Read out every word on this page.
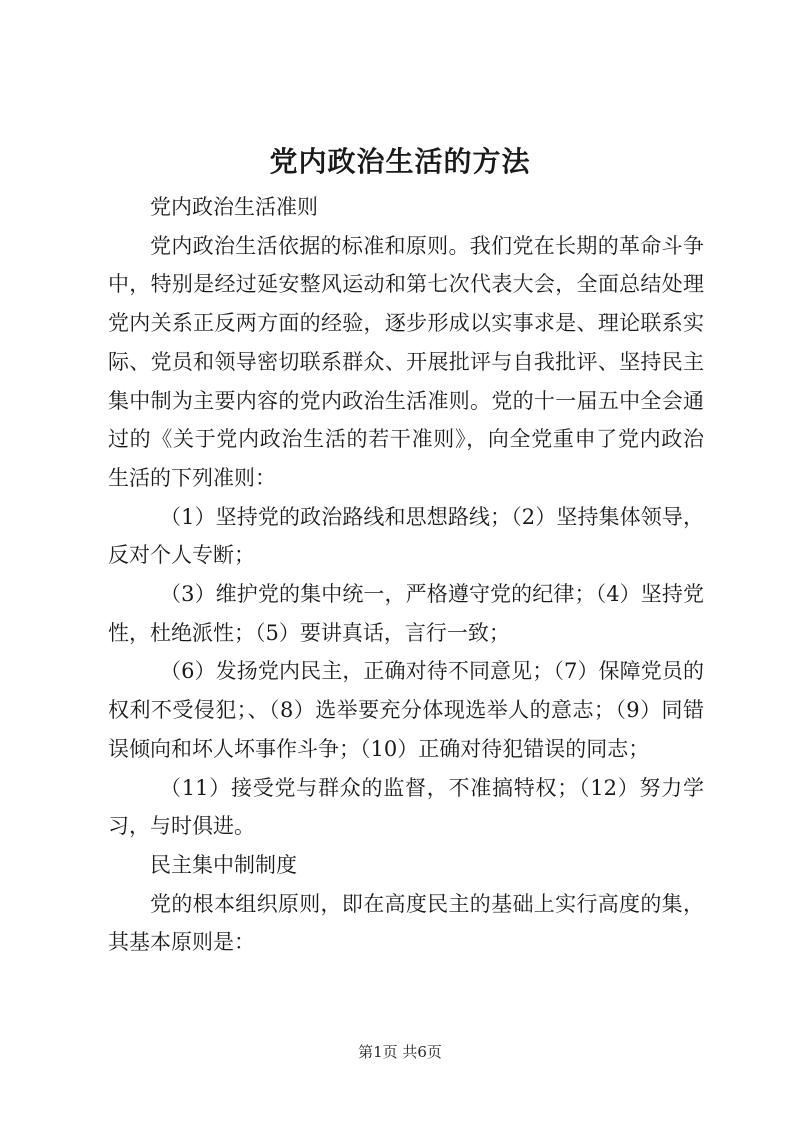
党内政治生活的方法

党内政治生活准则

党内政治生活依据的标准和原则。我们党在长期的革命斗争中，特别是经过延安整风运动和第七次代表大会，全面总结处理党内关系正反两方面的经验，逐步形成以实事求是、理论联系实际、党员和领导密切联系群众、开展批评与自我批评、坚持民主集中制为主要内容的党内政治生活准则。党的十一届五中全会通过的《关于党内政治生活的若干准则》，向全党重申了党内政治生活的下列准则：

（1）坚持党的政治路线和思想路线；（2）坚持集体领导，反对个人专断；

（3）维护党的集中统一，严格遵守党的纪律；（4）坚持党性，杜绝派性；（5）要讲真话，言行一致；

（6）发扬党内民主，正确对待不同意见；（7）保障党员的权利不受侵犯；、（8）选举要充分体现选举人的意志；（9）同错误倾向和坏人坏事作斗争；（10）正确对待犯错误的同志；

（11）接受党与群众的监督，不准搞特权；（12）努力学习，与时俱进。

民主集中制制度

党的根本组织原则，即在高度民主的基础上实行高度的集，其基本原则是：

第1页 共6页
